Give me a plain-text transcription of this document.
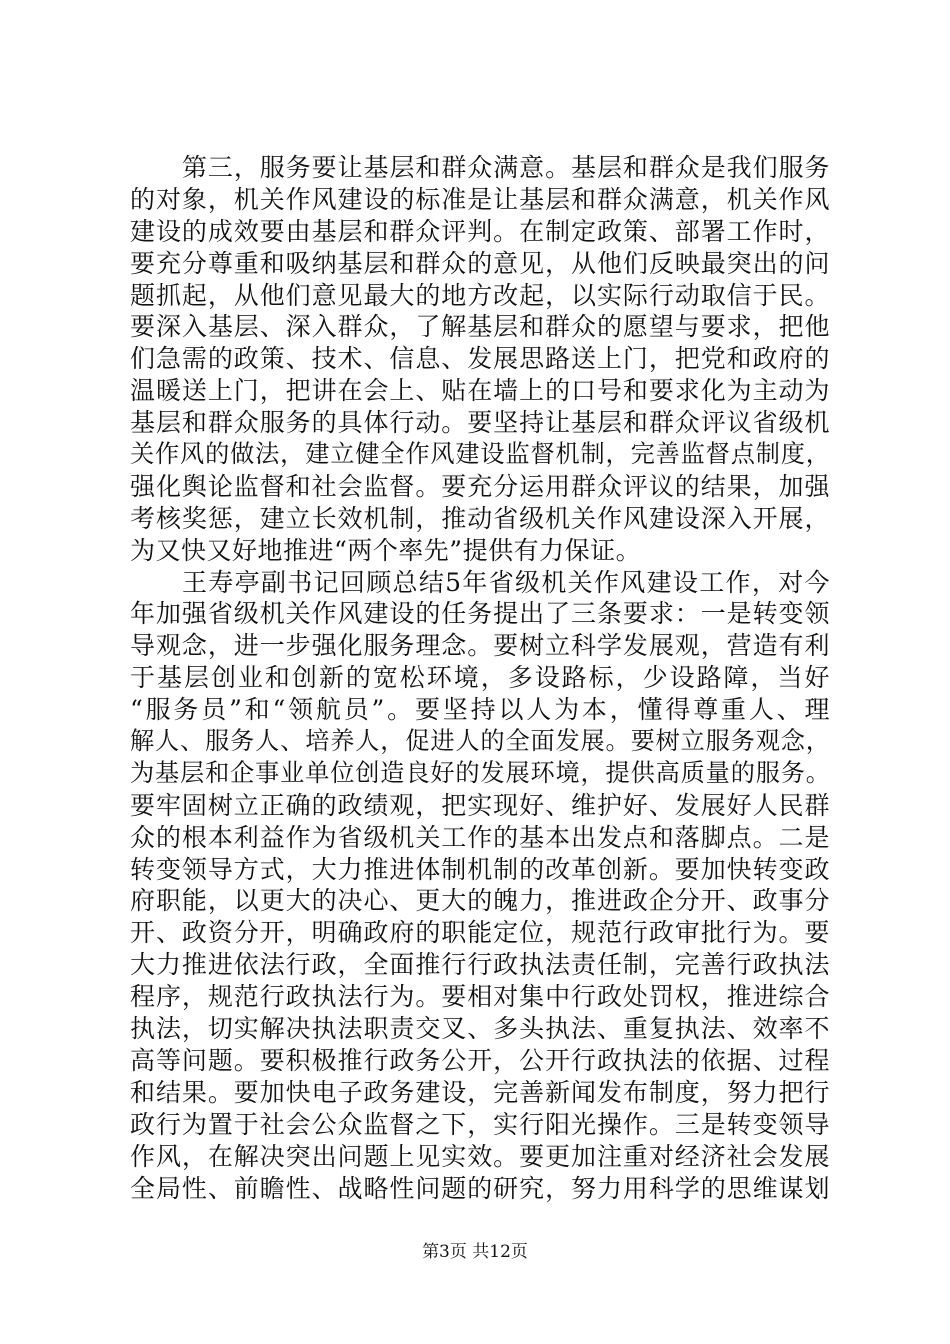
第三，服务要让基层和群众满意。基层和群众是我们服务
的对象，机关作风建设的标准是让基层和群众满意，机关作风
建设的成效要由基层和群众评判。在制定政策、部署工作时，
要充分尊重和吸纳基层和群众的意见，从他们反映最突出的问
题抓起，从他们意见最大的地方改起，以实际行动取信于民。
要深入基层、深入群众，了解基层和群众的愿望与要求，把他
们急需的政策、技术、信息、发展思路送上门，把党和政府的
温暖送上门，把讲在会上、贴在墙上的口号和要求化为主动为
基层和群众服务的具体行动。要坚持让基层和群众评议省级机
关作风的做法，建立健全作风建设监督机制，完善监督点制度，
强化舆论监督和社会监督。要充分运用群众评议的结果，加强
考核奖惩，建立长效机制，推动省级机关作风建设深入开展，
为又快又好地推进“两个率先”提供有力保证。
王寿亭副书记回顾总结5年省级机关作风建设工作，对今
年加强省级机关作风建设的任务提出了三条要求：一是转变领
导观念，进一步强化服务理念。要树立科学发展观，营造有利
于基层创业和创新的宽松环境，多设路标，少设路障，当好
“服务员”和“领航员”。要坚持以人为本，懂得尊重人、理
解人、服务人、培养人，促进人的全面发展。要树立服务观念，
为基层和企事业单位创造良好的发展环境，提供高质量的服务。
要牢固树立正确的政绩观，把实现好、维护好、发展好人民群
众的根本利益作为省级机关工作的基本出发点和落脚点。二是
转变领导方式，大力推进体制机制的改革创新。要加快转变政
府职能，以更大的决心、更大的魄力，推进政企分开、政事分
开、政资分开，明确政府的职能定位，规范行政审批行为。要
大力推进依法行政，全面推行行政执法责任制，完善行政执法
程序，规范行政执法行为。要相对集中行政处罚权，推进综合
执法，切实解决执法职责交叉、多头执法、重复执法、效率不
高等问题。要积极推行政务公开，公开行政执法的依据、过程
和结果。要加快电子政务建设，完善新闻发布制度，努力把行
政行为置于社会公众监督之下，实行阳光操作。三是转变领导
作风，在解决突出问题上见实效。要更加注重对经济社会发展
全局性、前瞻性、战略性问题的研究，努力用科学的思维谋划
第3页 共12页
